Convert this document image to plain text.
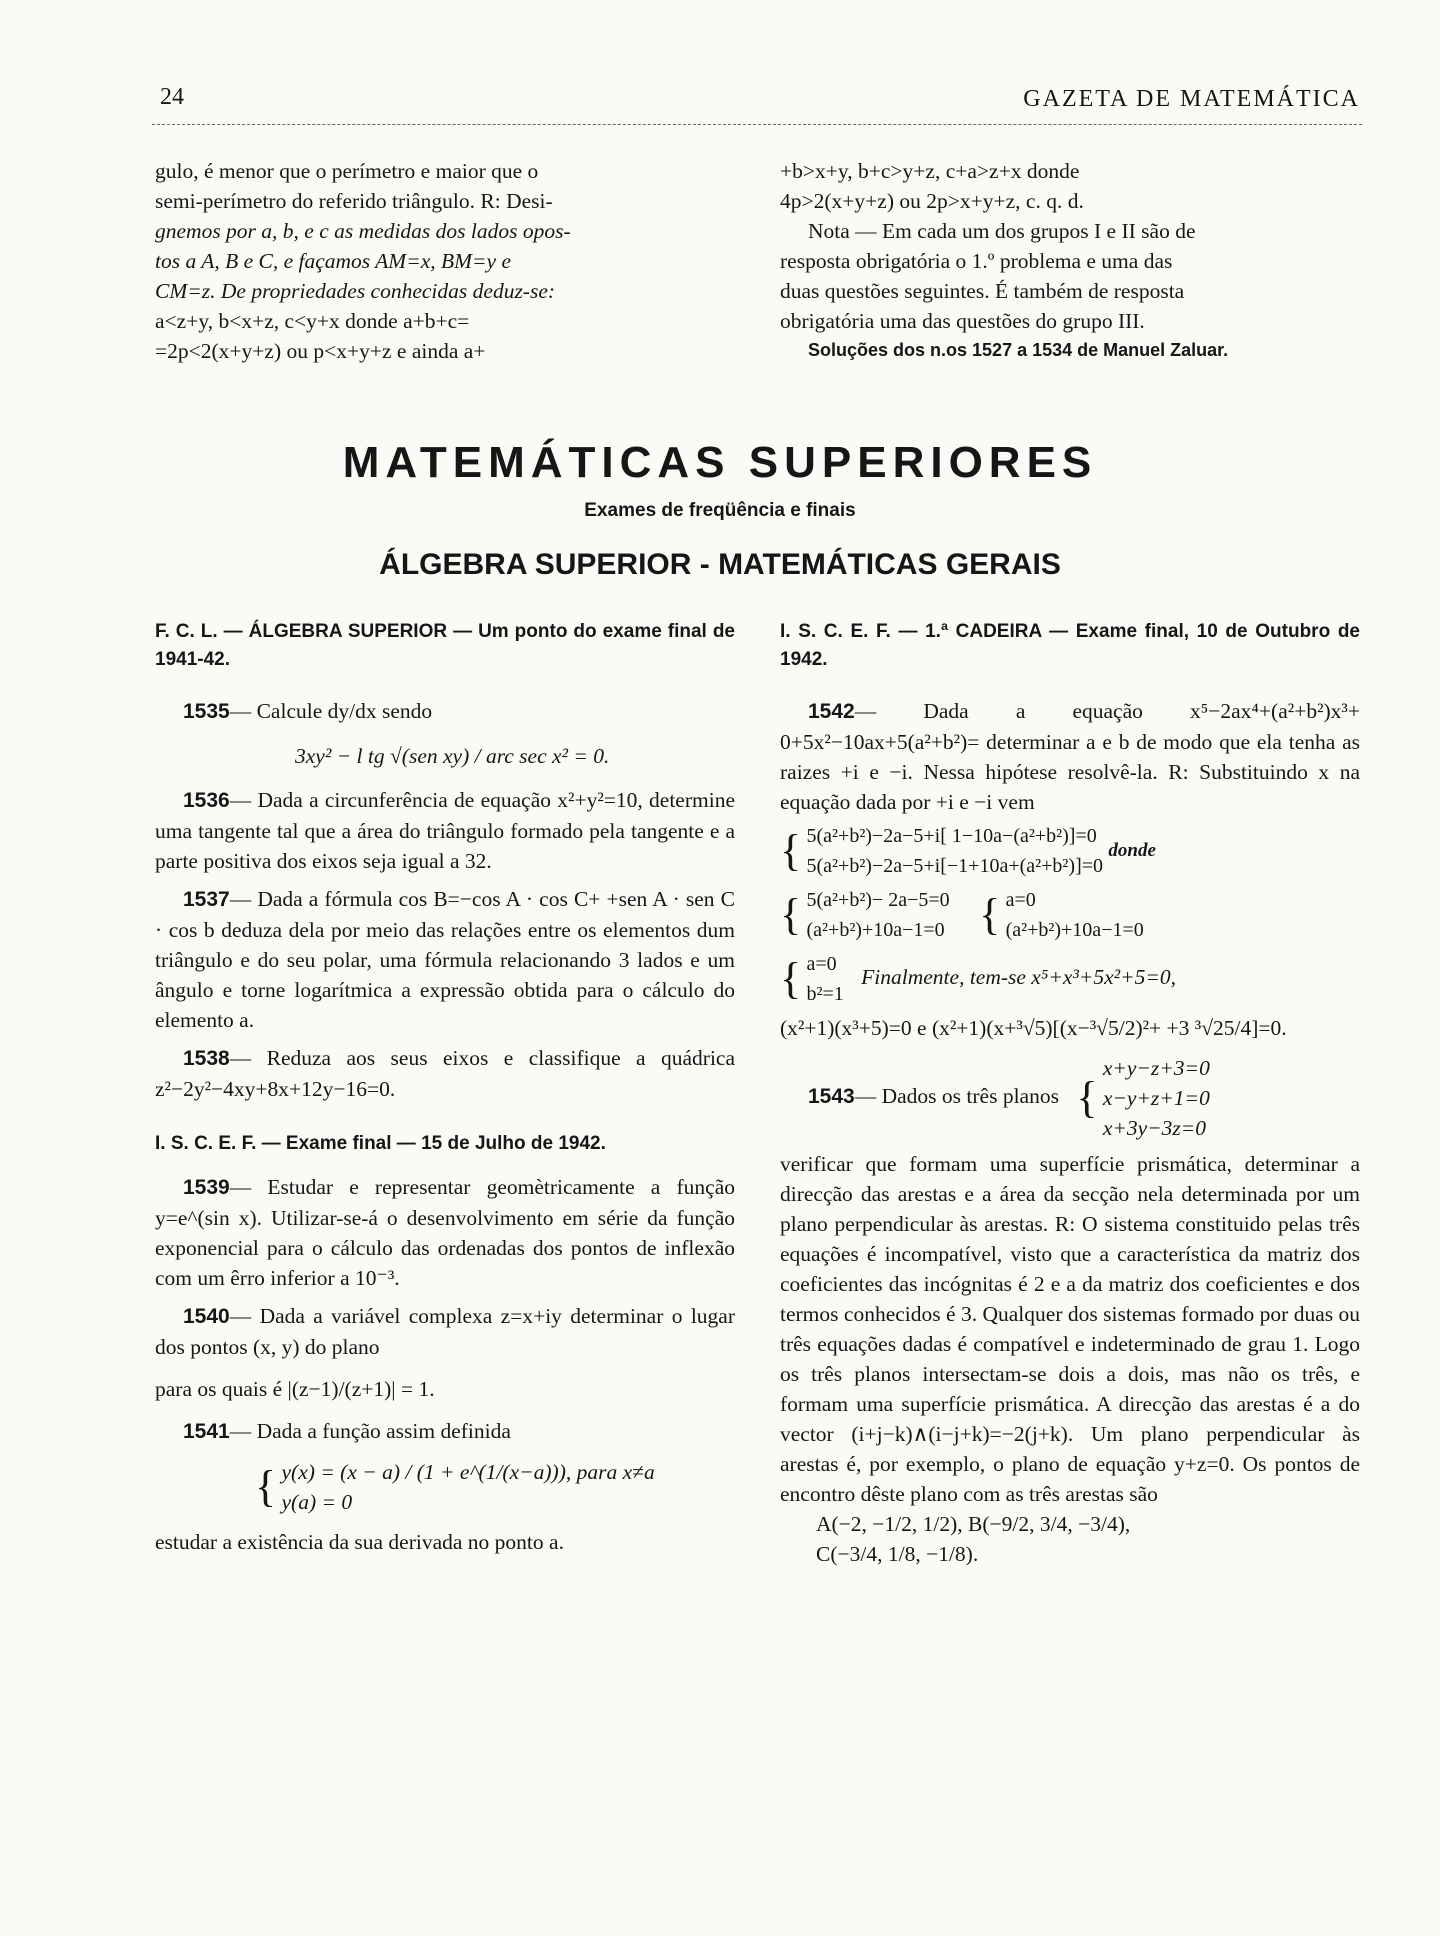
24	GAZETA DE MATEMÁTICA

gulo, é menor que o perímetro e maior que o

semi-perímetro do referido triângulo. R: Desi-

gnemos por a, b, e c as medidas dos lados opos-

tos a A, B e C, e façamos AM=x, BM=y e

CM=z. De propriedades conhecidas deduz-se:

a<z+y, b<x+z, c<y+x donde a+b+c=

=2p<2(x+y+z) ou p<x+y+z e ainda a+

+b>x+y, b+c>y+z, c+a>z+x donde

4p>2(x+y+z) ou 2p>x+y+z, c. q. d.

Nota — Em cada um dos grupos I e II são de

resposta obrigatória o 1.º problema e uma das

duas questões seguintes. É também de resposta

obrigatória uma das questões do grupo III.

Soluções dos n.os 1527 a 1534 de Manuel Zaluar.

MATEMÁTICAS SUPERIORES
Exames de freqüência e finais
ÁLGEBRA SUPERIOR - MATEMÁTICAS GERAIS

F. C. L. — ÁLGEBRA SUPERIOR — Um ponto do exame final de 1941-42.

1535— Calcule dy/dx sendo

3xy² − l tg √(sen xy) / arc sec x² = 0.

1536— Dada a circunferência de equação x²+y²=10, determine uma tangente tal que a área do triângulo formado pela tangente e a parte positiva dos eixos seja igual a 32.

1537— Dada a fórmula cos B=−cos A · cos C+ +sen A · sen C · cos b deduza dela por meio das relações entre os elementos dum triângulo e do seu polar, uma fórmula relacionando 3 lados e um ângulo e torne logarítmica a expressão obtida para o cálculo do elemento a.

1538— Reduza aos seus eixos e classifique a quádrica z²−2y²−4xy+8x+12y−16=0.

I. S. C. E. F. — Exame final — 15 de Julho de 1942.

1539— Estudar e representar geomètricamente a função y=e^(sin x). Utilizar-se-á o desenvolvimento em série da função exponencial para o cálculo das ordenadas dos pontos de inflexão com um êrro inferior a 10⁻³.

1540— Dada a variável complexa z=x+iy determinar o lugar dos pontos (x, y) do plano

para os quais é |(z−1)/(z+1)| = 1.

1541— Dada a função assim definida

{ y(x) = (x − a) / (1 + e^(1/(x−a))), para x≠a
y(a) = 0

estudar a existência da sua derivada no ponto a.

I. S. C. E. F. — 1.ª CADEIRA — Exame final, 10 de Outubro de 1942.

1542— Dada a equação x⁵−2ax⁴+(a²+b²)x³+ 0+5x²−10ax+5(a²+b²)= determinar a e b de modo que ela tenha as raizes +i e −i. Nessa hipótese resolvê-la. R: Substituindo x na equação dada por +i e −i vem

{ 5(a²+b²)−2a−5+i[ 1−10a−(a²+b²)]=0
5(a²+b²)−2a−5+i[−1+10a+(a²+b²)]=0 donde
{ 5(a²+b²)− 2a−5=0
(a²+b²)+10a−1=0 { a=0
(a²+b²)+10a−1=0
{ a=0
b²=1 Finalmente, tem-se x⁵+x³+5x²+5=0,

(x²+1)(x³+5)=0 e (x²+1)(x+³√5)[(x−³√5/2)²+ +3 ³√25/4]=0.

1543— Dados os três planos { x+y−z+3=0
x−y+z+1=0
x+3y−3z=0

verificar que formam uma superfície prismática, determinar a direcção das arestas e a área da secção nela determinada por um plano perpendicular às arestas. R: O sistema constituido pelas três equações é incompatível, visto que a característica da matriz dos coeficientes das incógnitas é 2 e a da matriz dos coeficientes e dos termos conhecidos é 3. Qualquer dos sistemas formado por duas ou três equações dadas é compatível e indeterminado de grau 1. Logo os três planos intersectam-se dois a dois, mas não os três, e formam uma superfície prismática. A direcção das arestas é a do vector (i+j−k)∧(i−j+k)=−2(j+k). Um plano perpendicular às arestas é, por exemplo, o plano de equação y+z=0. Os pontos de encontro dêste plano com as três arestas são

A(−2, −1/2, 1/2), B(−9/2, 3/4, −3/4),

C(−3/4, 1/8, −1/8).
